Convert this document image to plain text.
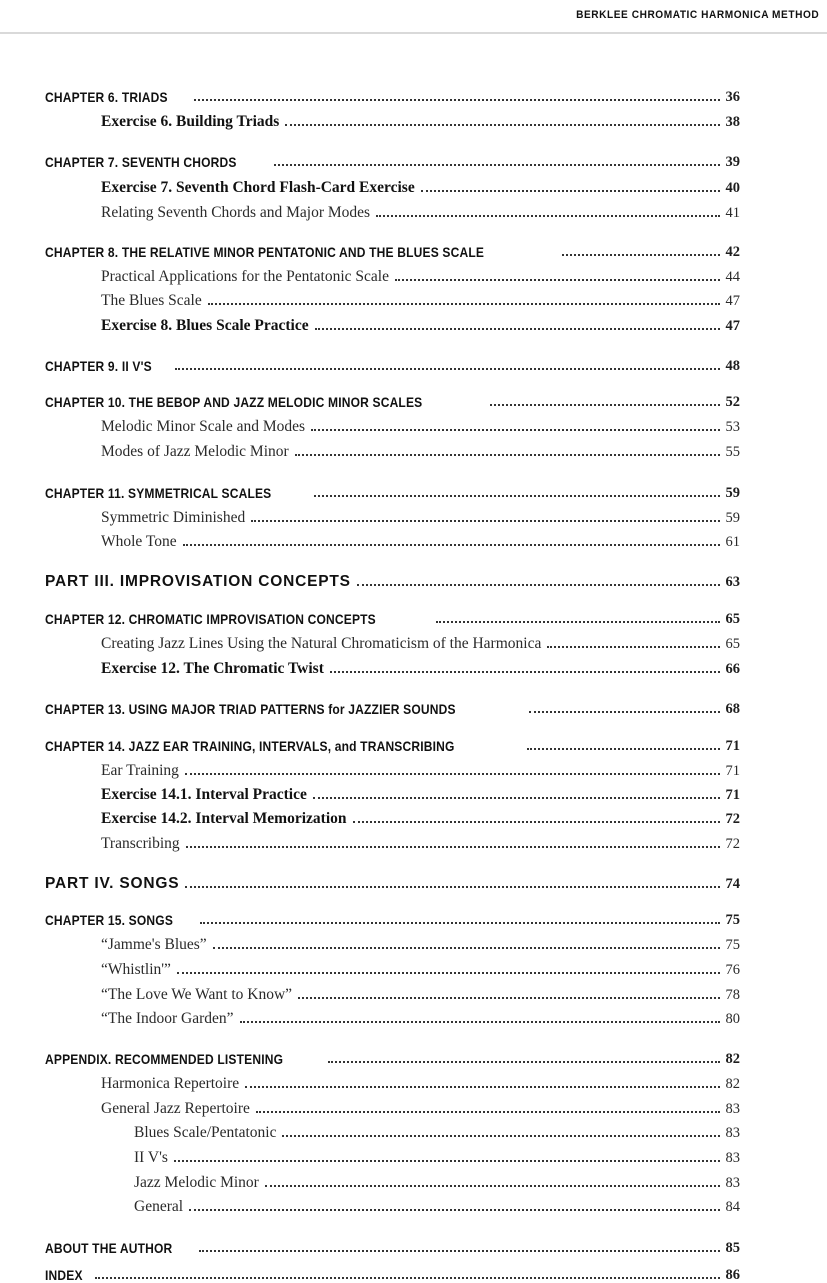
BERKLEE CHROMATIC HARMONICA METHOD
CHAPTER 6. TRIADS	36
Exercise 6. Building Triads	38
CHAPTER 7. SEVENTH CHORDS	39
Exercise 7. Seventh Chord Flash-Card Exercise	40
Relating Seventh Chords and Major Modes	41
CHAPTER 8. THE RELATIVE MINOR PENTATONIC AND THE BLUES SCALE	42
Practical Applications for the Pentatonic Scale	44
The Blues Scale	47
Exercise 8. Blues Scale Practice	47
CHAPTER 9. II V'S	48
CHAPTER 10. THE BEBOP AND JAZZ MELODIC MINOR SCALES	52
Melodic Minor Scale and Modes	53
Modes of Jazz Melodic Minor	55
CHAPTER 11. SYMMETRICAL SCALES	59
Symmetric Diminished	59
Whole Tone	61
PART III. IMPROVISATION CONCEPTS	63
CHAPTER 12. CHROMATIC IMPROVISATION CONCEPTS	65
Creating Jazz Lines Using the Natural Chromaticism of the Harmonica	65
Exercise 12. The Chromatic Twist	66
CHAPTER 13. USING MAJOR TRIAD PATTERNS for JAZZIER SOUNDS	68
CHAPTER 14. JAZZ EAR TRAINING, INTERVALS, and TRANSCRIBING	71
Ear Training	71
Exercise 14.1. Interval Practice	71
Exercise 14.2. Interval Memorization	72
Transcribing	72
PART IV. SONGS	74
CHAPTER 15. SONGS	75
“Jamme's Blues”	75
“Whistlin'”	76
“The Love We Want to Know”	78
“The Indoor Garden”	80
APPENDIX. RECOMMENDED LISTENING	82
Harmonica Repertoire	82
General Jazz Repertoire	83
Blues Scale/Pentatonic	83
II V's	83
Jazz Melodic Minor	83
General	84
ABOUT THE AUTHOR	85
INDEX	86
